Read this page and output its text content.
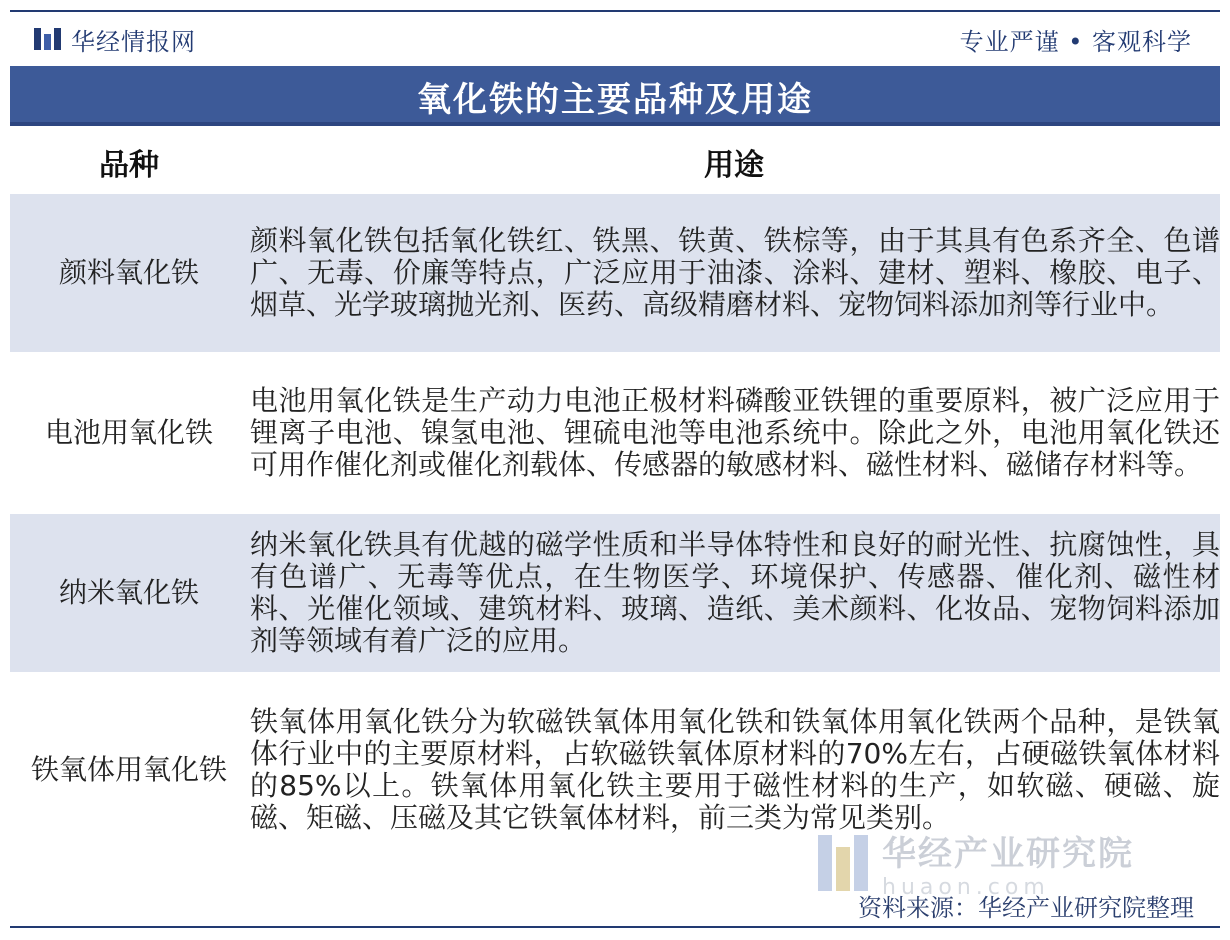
华经情报网	专业严谨 • 客观科学
氧化铁的主要品种及用途
品种	用途
颜料氧化铁	颜料氧化铁包括氧化铁红、铁黑、铁黄、铁棕等，由于其具有色系齐全、色谱广、无毒、价廉等特点，广泛应用于油漆、涂料、建材、塑料、橡胶、电子、烟草、光学玻璃抛光剂、医药、高级精磨材料、宠物饲料添加剂等行业中。
电池用氧化铁	电池用氧化铁是生产动力电池正极材料磷酸亚铁锂的重要原料，被广泛应用于锂离子电池、镍氢电池、锂硫电池等电池系统中。除此之外，电池用氧化铁还可用作催化剂或催化剂载体、传感器的敏感材料、磁性材料、磁储存材料等。
纳米氧化铁	纳米氧化铁具有优越的磁学性质和半导体特性和良好的耐光性、抗腐蚀性，具有色谱广、无毒等优点，在生物医学、环境保护、传感器、催化剂、磁性材料、光催化领域、建筑材料、玻璃、造纸、美术颜料、化妆品、宠物饲料添加剂等领域有着广泛的应用。
铁氧体用氧化铁	铁氧体用氧化铁分为软磁铁氧体用氧化铁和铁氧体用氧化铁两个品种，是铁氧体行业中的主要原材料，占软磁铁氧体原材料的70%左右，占硬磁铁氧体材料的85%以上。铁氧体用氧化铁主要用于磁性材料的生产，如软磁、硬磁、旋磁、矩磁、压磁及其它铁氧体材料，前三类为常见类别。
华经产业研究院
huaon.com
资料来源：华经产业研究院整理
